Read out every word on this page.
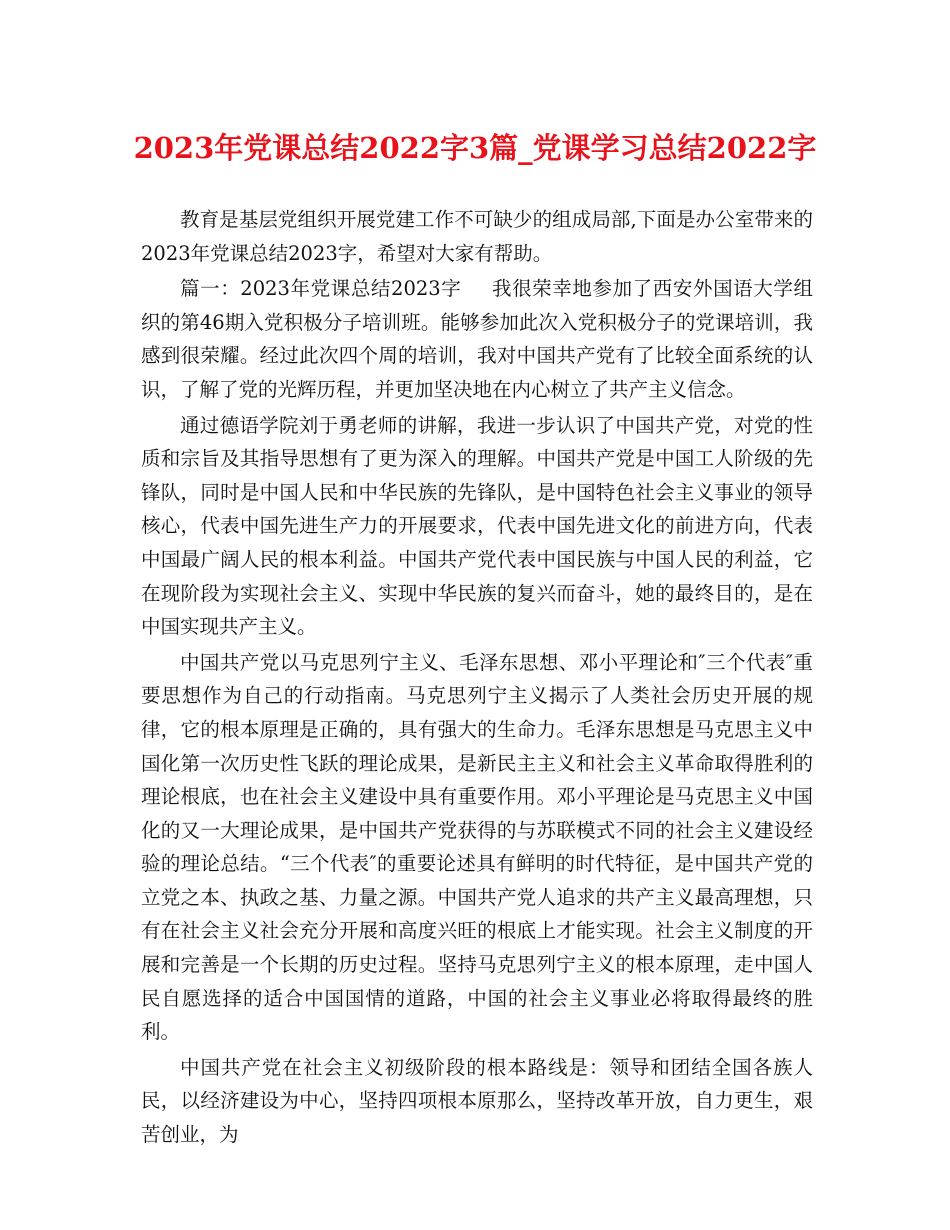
2023年党课总结2022字3篇_党课学习总结2022字

教育是基层党组织开展党建工作不可缺少的组成局部,下面是办公室带来的2023年党课总结2023字，希望对大家有帮助。

篇一：2023年党课总结2023字 我很荣幸地参加了西安外国语大学组织的第46期入党积极分子培训班。能够参加此次入党积极分子的党课培训，我感到很荣耀。经过此次四个周的培训，我对中国共产党有了比较全面系统的认识，了解了党的光辉历程，并更加坚决地在内心树立了共产主义信念。

通过德语学院刘于勇老师的讲解，我进一步认识了中国共产党，对党的性质和宗旨及其指导思想有了更为深入的理解。中国共产党是中国工人阶级的先锋队，同时是中国人民和中华民族的先锋队，是中国特色社会主义事业的领导核心，代表中国先进生产力的开展要求，代表中国先进文化的前进方向，代表中国最广阔人民的根本利益。中国共产党代表中国民族与中国人民的利益，它在现阶段为实现社会主义、实现中华民族的复兴而奋斗，她的最终目的，是在中国实现共产主义。

中国共产党以马克思列宁主义、毛泽东思想、邓小平理论和″三个代表″重要思想作为自己的行动指南。马克思列宁主义揭示了人类社会历史开展的规律，它的根本原理是正确的，具有强大的生命力。毛泽东思想是马克思主义中国化第一次历史性飞跃的理论成果，是新民主主义和社会主义革命取得胜利的理论根底，也在社会主义建设中具有重要作用。邓小平理论是马克思主义中国化的又一大理论成果，是中国共产党获得的与苏联模式不同的社会主义建设经验的理论总结。“三个代表″的重要论述具有鲜明的时代特征，是中国共产党的立党之本、执政之基、力量之源。中国共产党人追求的共产主义最高理想，只有在社会主义社会充分开展和高度兴旺的根底上才能实现。社会主义制度的开展和完善是一个长期的历史过程。坚持马克思列宁主义的根本原理，走中国人民自愿选择的适合中国国情的道路，中国的社会主义事业必将取得最终的胜利。

中国共产党在社会主义初级阶段的根本路线是：领导和团结全国各族人民，以经济建设为中心，坚持四项根本原那么，坚持改革开放，自力更生，艰苦创业，为
